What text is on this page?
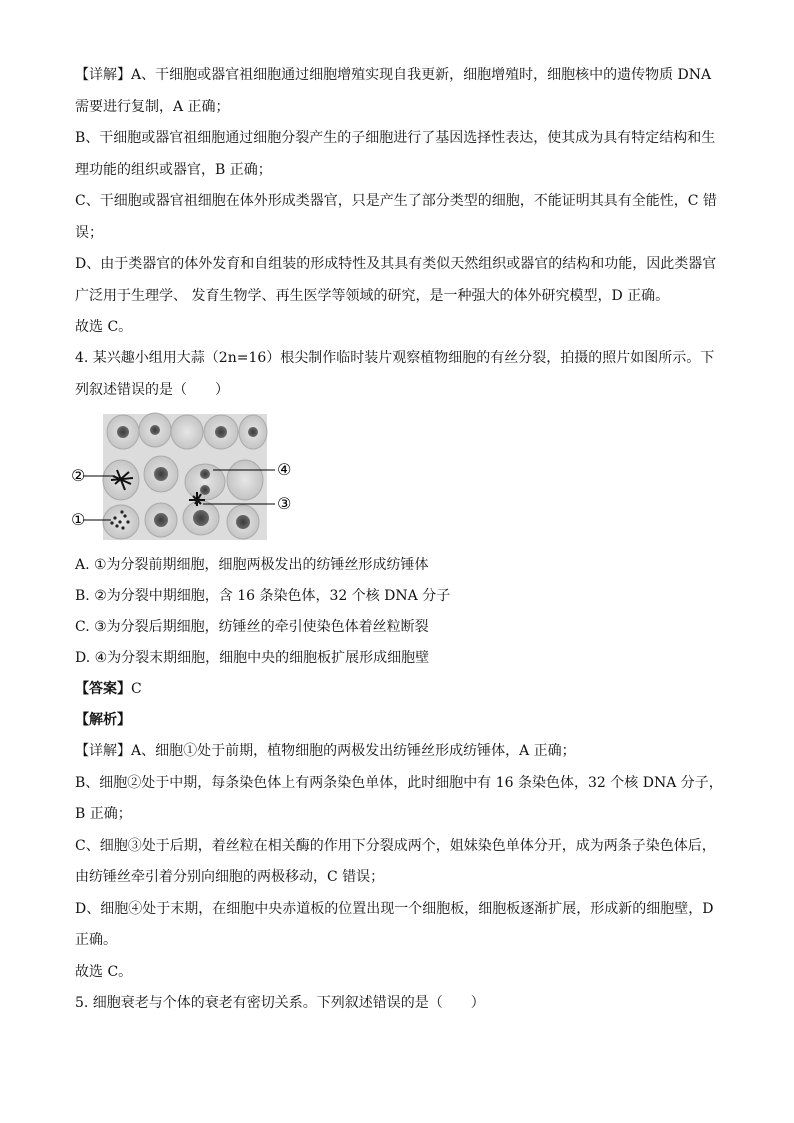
【详解】A、干细胞或器官祖细胞通过细胞增殖实现自我更新，细胞增殖时，细胞核中的遗传物质 DNA 需要进行复制，A 正确；

B、干细胞或器官祖细胞通过细胞分裂产生的子细胞进行了基因选择性表达，使其成为具有特定结构和生理功能的组织或器官，B 正确；

C、干细胞或器官祖细胞在体外形成类器官，只是产生了部分类型的细胞，不能证明其具有全能性，C 错误；

D、由于类器官的体外发育和自组装的形成特性及其具有类似天然组织或器官的结构和功能，因此类器官广泛用于生理学、 发育生物学、再生医学等领域的研究，是一种强大的体外研究模型，D 正确。

故选 C。

4. 某兴趣小组用大蒜（2n=16）根尖制作临时装片观察植物细胞的有丝分裂，拍摄的照片如图所示。下列叙述错误的是（　　）

②
①
④
③
A. ①为分裂前期细胞，细胞两极发出的纺锤丝形成纺锤体
B. ②为分裂中期细胞，含 16 条染色体，32 个核 DNA 分子
C. ③为分裂后期细胞，纺锤丝的牵引使染色体着丝粒断裂
D. ④为分裂末期细胞，细胞中央的细胞板扩展形成细胞壁
【答案】C
【解析】
【详解】A、细胞①处于前期，植物细胞的两极发出纺锤丝形成纺锤体，A 正确；
B、细胞②处于中期，每条染色体上有两条染色单体，此时细胞中有 16 条染色体，32 个核 DNA 分子，B 正确；
C、细胞③处于后期，着丝粒在相关酶的作用下分裂成两个，姐妹染色单体分开，成为两条子染色体后，由纺锤丝牵引着分别向细胞的两极移动，C 错误；
D、细胞④处于末期，在细胞中央赤道板的位置出现一个细胞板，细胞板逐渐扩展，形成新的细胞壁，D 正确。
故选 C。
5. 细胞衰老与个体的衰老有密切关系。下列叙述错误的是（　　）
